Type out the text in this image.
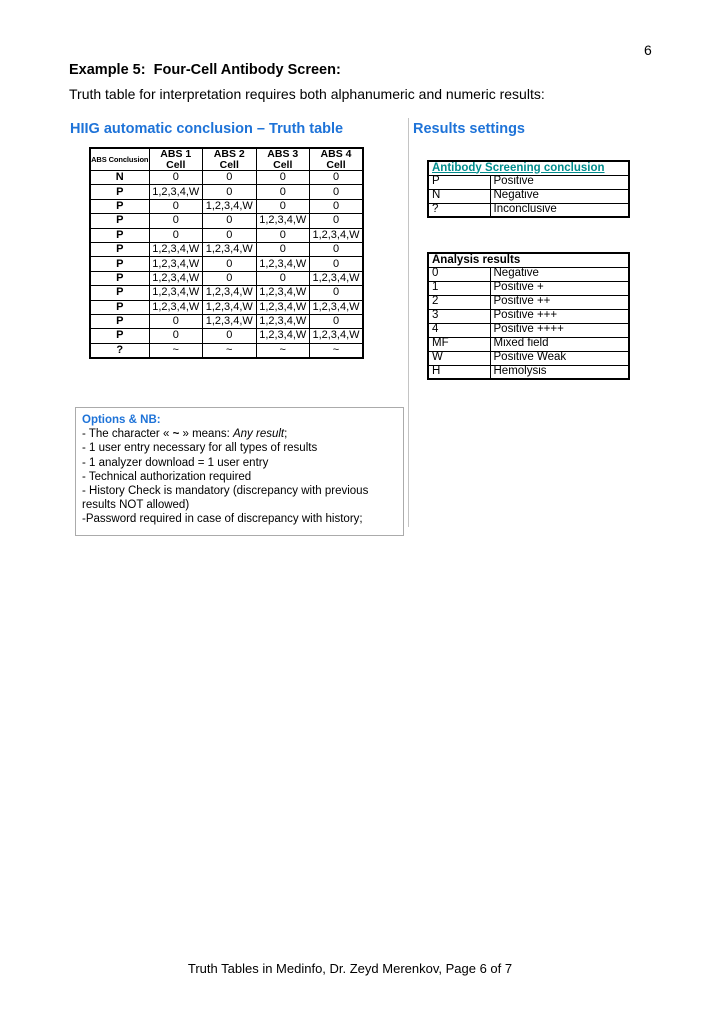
6
Example 5:  Four-Cell Antibody Screen:
Truth table for interpretation requires both alphanumeric and numeric results:
HIIG automatic conclusion – Truth table	Results settings
ABS Conclusion	ABS 1 Cell	ABS 2 Cell	ABS 3 Cell	ABS 4 Cell
N	0	0	0	0
P	1,2,3,4,W	0	0	0
P	0	1,2,3,4,W	0	0
P	0	0	1,2,3,4,W	0
P	0	0	0	1,2,3,4,W
P	1,2,3,4,W	1,2,3,4,W	0	0
P	1,2,3,4,W	0	1,2,3,4,W	0
P	1,2,3,4,W	0	0	1,2,3,4,W
P	1,2,3,4,W	1,2,3,4,W	1,2,3,4,W	0
P	1,2,3,4,W	1,2,3,4,W	1,2,3,4,W	1,2,3,4,W
P	0	1,2,3,4,W	1,2,3,4,W	0
P	0	0	1,2,3,4,W	1,2,3,4,W
?	~	~	~	~
Antibody Screening conclusion	
P	Positive
N	Negative
?	Inconclusive
Analysis results	
0	Negative
1	Positive +
2	Positive ++
3	Positive +++
4	Positive ++++
MF	Mixed field
W	Positive Weak
H	Hemolysis
Options & NB:
- The character « ~ » means: Any result;
- 1 user entry necessary for all types of results
- 1 analyzer download = 1 user entry
- Technical authorization required
- History Check is mandatory (discrepancy with previous results NOT allowed)
-Password required in case of discrepancy with history;
Truth Tables in Medinfo, Dr. Zeyd Merenkov, Page 6 of 7
